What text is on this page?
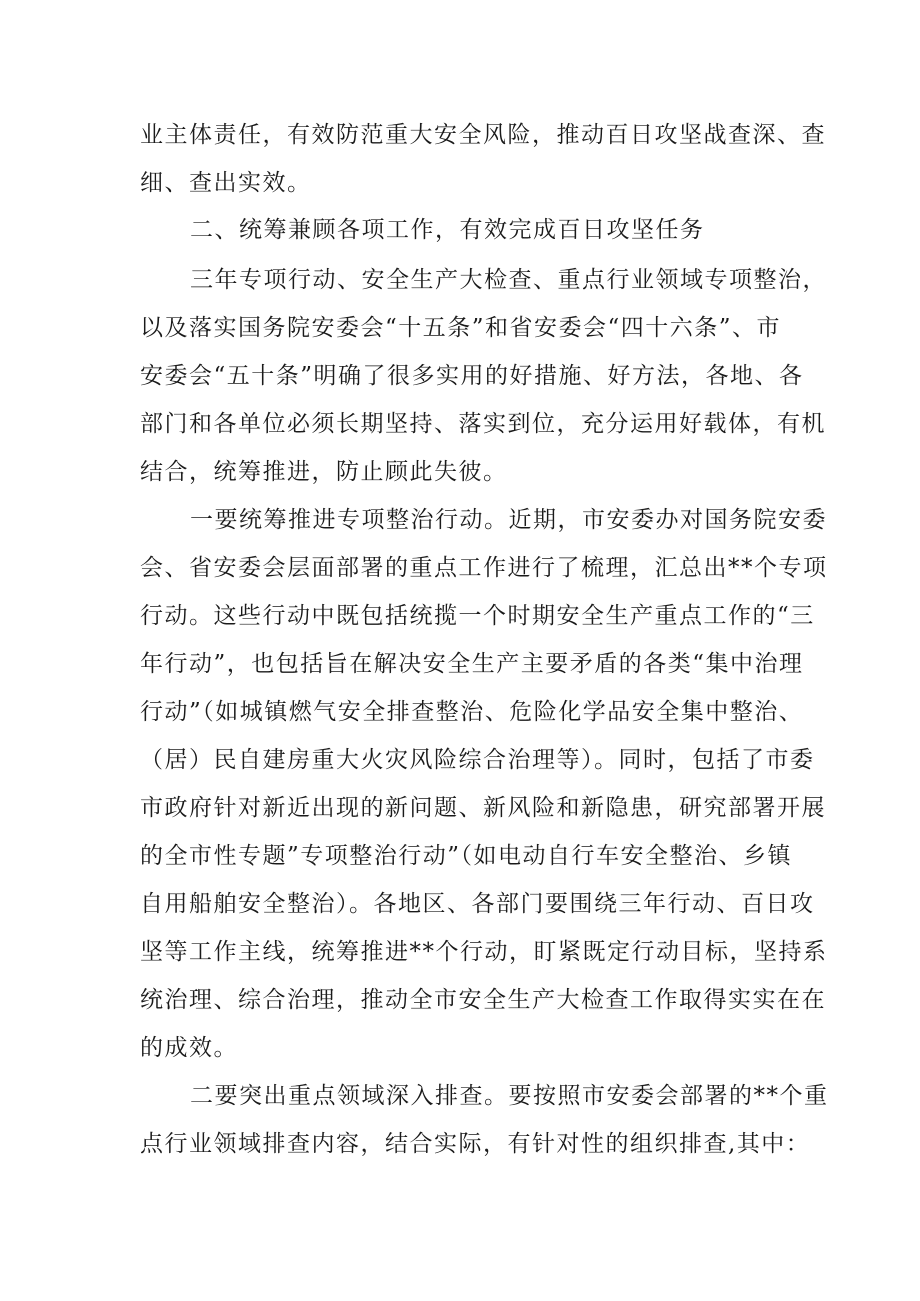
业主体责任，有效防范重大安全风险，推动百日攻坚战查深、查
细、查出实效。
二、统筹兼顾各项工作，有效完成百日攻坚任务
三年专项行动、安全生产大检查、重点行业领域专项整治，
以及落实国务院安委会“十五条”和省安委会“四十六条”、市
安委会“五十条”明确了很多实用的好措施、好方法，各地、各
部门和各单位必须长期坚持、落实到位，充分运用好载体，有机
结合，统筹推进，防止顾此失彼。
一要统筹推进专项整治行动。近期，市安委办对国务院安委
会、省安委会层面部署的重点工作进行了梳理，汇总出**个专项
行动。这些行动中既包括统揽一个时期安全生产重点工作的“三
年行动”，也包括旨在解决安全生产主要矛盾的各类“集中治理
行动”（如城镇燃气安全排查整治、危险化学品安全集中整治、
（居）民自建房重大火灾风险综合治理等）。同时，包括了市委
市政府针对新近出现的新问题、新风险和新隐患，研究部署开展
的全市性专题”专项整治行动”（如电动自行车安全整治、乡镇
自用船舶安全整治）。各地区、各部门要围绕三年行动、百日攻
坚等工作主线，统筹推进**个行动，盯紧既定行动目标，坚持系
统治理、综合治理，推动全市安全生产大检查工作取得实实在在
的成效。
二要突出重点领域深入排查。要按照市安委会部署的**个重
点行业领域排查内容，结合实际，有针对性的组织排查,其中：
